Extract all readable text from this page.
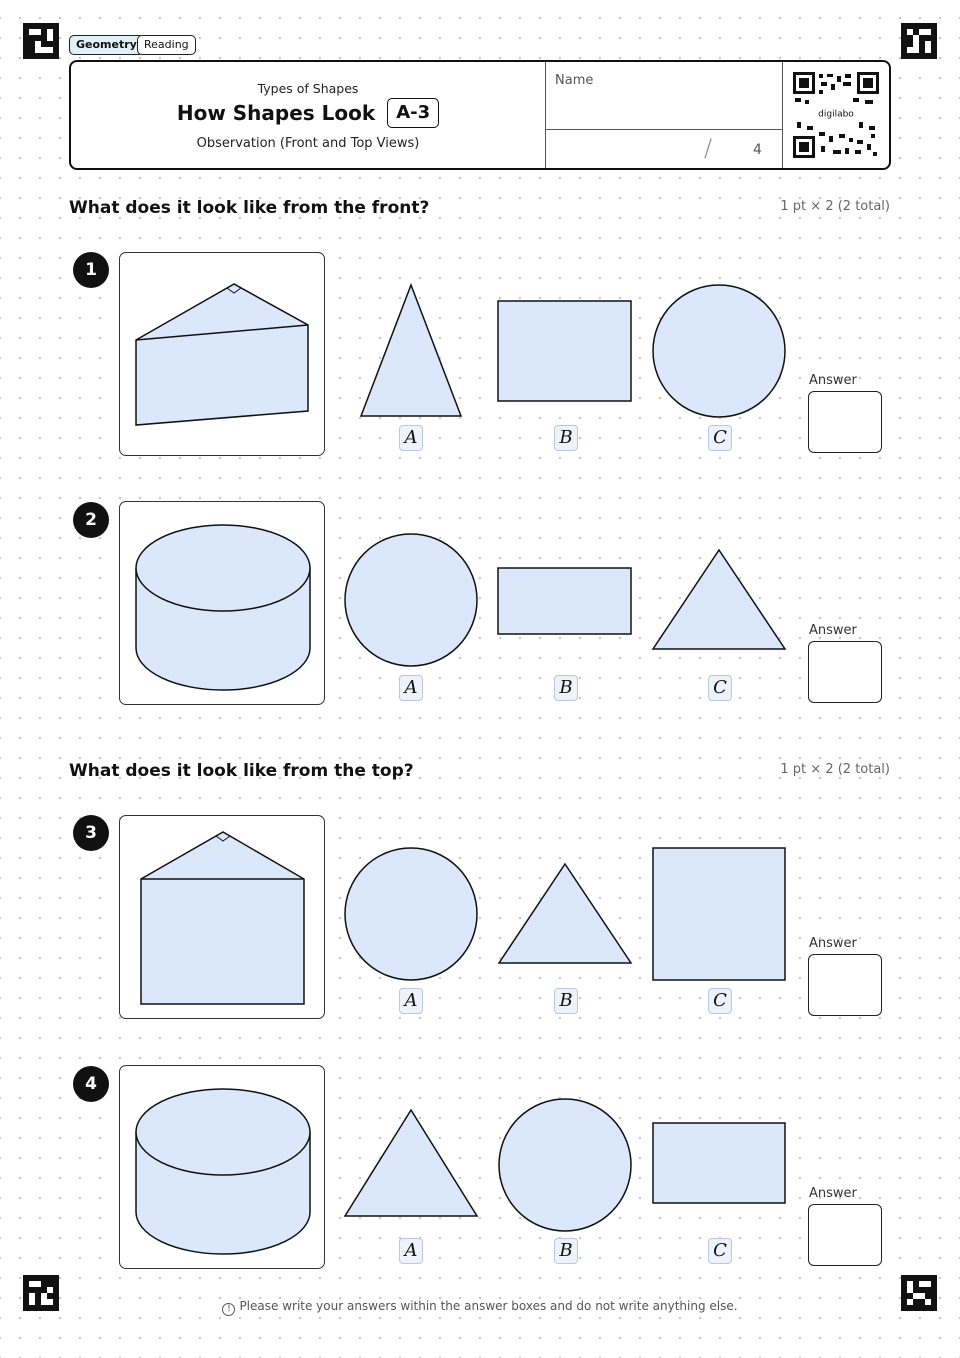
Geometry Reading
Types of Shapes
How Shapes Look	A-3
Observation (Front and Top Views)
Name
/	4
digilabo
What does it look like from the front?	1 pt × 2 (2 total)
1
A	B	C
Answer
2
A	B	C
Answer
What does it look like from the top?	1 pt × 2 (2 total)
3
A	B	C
Answer
4
A	B	C
Answer
! Please write your answers within the answer boxes and do not write anything else.
